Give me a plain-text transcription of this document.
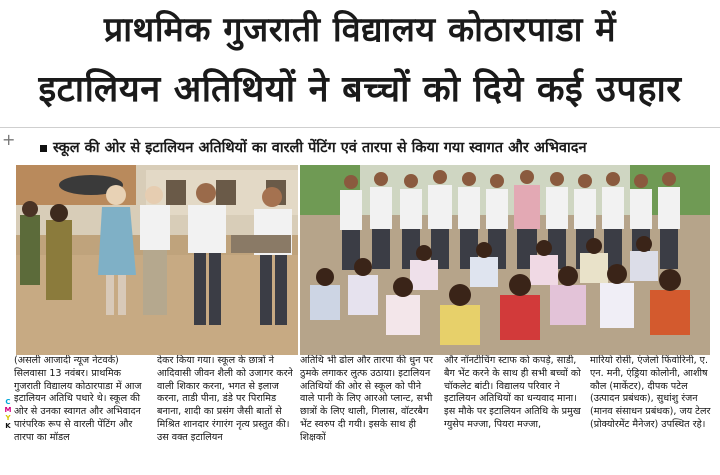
प्राथमिक गुजराती विद्यालय कोठारपाडा में
इटालियन अतिथियों ने बच्चों को दिये कई उपहार
+	स्कूल की ओर से इटालियन अतिथियों का वारली पेंटिंग एवं तारपा से किया गया स्वागत और अभिवादन
C
M
Y
K
(असली आजादी न्यूज नेटवर्क) सिलवासा 13 नवंबर। प्राथमिक गुजराती विद्यालय कोठारपाडा में आज इटालियन अतिथि पधारे थे। स्कूल की ओर से उनका स्वागत और अभिवादन पारंपरिक रूप से वारली पेंटिंग और तारपा का मॉडल
देकर किया गया। स्कूल के छात्रों ने आदिवासी जीवन शैली को उजागर करने वाली शिकार करना, भगत से इलाज करना, ताडी पीना, डंडे पर पिरामिड बनाना, शादी का प्रसंग जैसी बातों से मिश्रित शानदार रंगारंग नृत्य प्रस्तुत की। उस वक्त इटालियन
अतिथि भी ढोल और तारपा की धुन पर ठुमके लगाकर लुत्फ उठाया। इटालियन अतिथियों की ओर से स्कूल को पीने वाले पानी के लिए आरओ प्लान्ट, सभी छात्रों के लिए थाली, गिलास, वॉटरबैग भेंट स्वरुप दी गयी। इसके साथ ही शिक्षकों
और नॉनटीचिंग स्टाफ को कपड़े, साडी, बैग भेंट करने के साथ ही सभी बच्चों को चॉकलेट बांटी। विद्यालय परिवार ने इटालियन अतिथियों का धन्यवाद माना। इस मौके पर इटालियन अतिथि के प्रमुख ग्युसेप मज्जा, पियरा मज्जा,
मारियो रोसी, एंजेलो फिंवोरिनी, ए. एन. मनी, एंड्रिया कोलोनी, आशीष कौल (मार्केटर), दीपक पटेल (उत्पादन प्रबंधक), सुधांशु रंजन (मानव संसाधन प्रबंधक), जय टेलर (प्रोक्योरमेंट मैनेजर) उपस्थित रहे।
